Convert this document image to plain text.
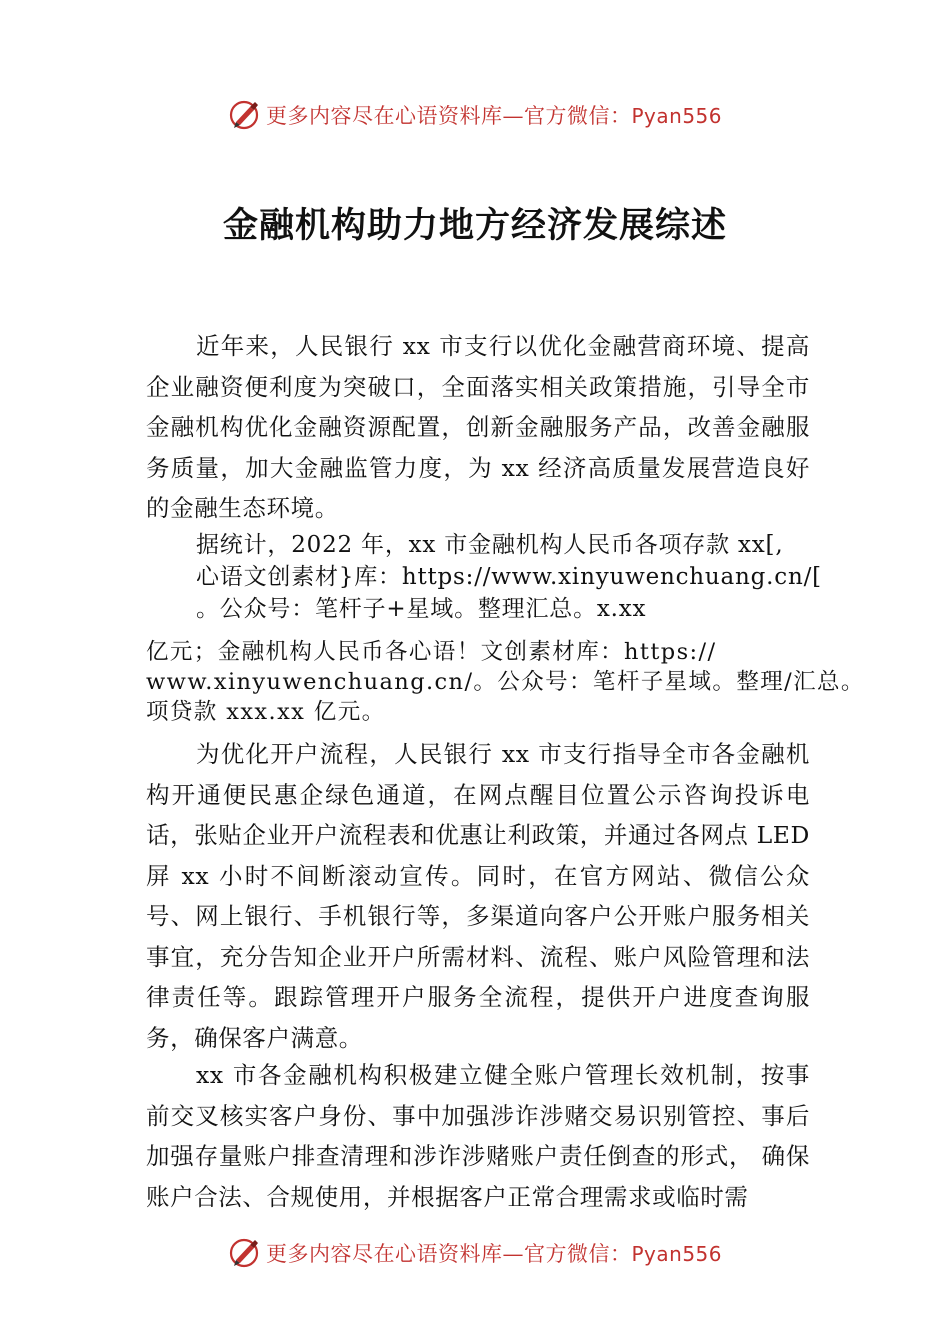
更多内容尽在心语资料库—官方微信：Pyan556
金融机构助力地方经济发展综述

近年来，人民银行 xx 市支行以优化金融营商环境、提高企业融资便利度为突破口，全面落实相关政策措施，引导全市金融机构优化金融资源配置，创新金融服务产品，改善金融服务质量，加大金融监管力度，为 xx 经济高质量发展营造良好的金融生态环境。

据统计，2022 年，xx 市金融机构人民币各项存款 xx[,
心语文创素材}库：https://www.xinyuwenchuang.cn/[
。公众号：笔杆子+星域。整理汇总。x.xx
亿元；金融机构人民币各心语！文创素材库：https://
www.xinyuwenchuang.cn/。公众号：笔杆子星域。整理/汇总。
项贷款 xxx.xx 亿元。

为优化开户流程，人民银行 xx 市支行指导全市各金融机构开通便民惠企绿色通道，在网点醒目位置公示咨询投诉电话，张贴企业开户流程表和优惠让利政策，并通过各网点 LED 屏 xx 小时不间断滚动宣传。同时，在官方网站、微信公众号、网上银行、手机银行等，多渠道向客户公开账户服务相关事宜，充分告知企业开户所需材料、流程、账户风险管理和法律责任等。跟踪管理开户服务全流程，提供开户进度查询服务，确保客户满意。

xx 市各金融机构积极建立健全账户管理长效机制，按事前交叉核实客户身份、事中加强涉诈涉赌交易识别管控、事后加强存量账户排查清理和涉诈涉赌账户责任倒查的形式， 确保账户合法、合规使用，并根据客户正常合理需求或临时需

更多内容尽在心语资料库—官方微信：Pyan556
